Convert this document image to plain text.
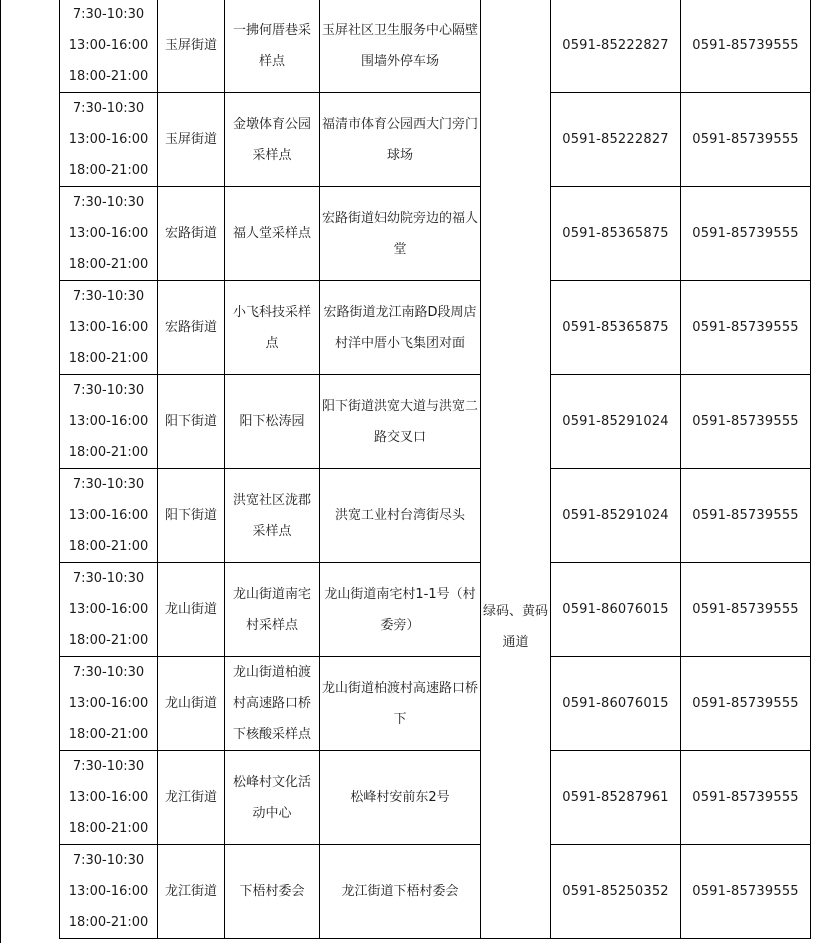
7:30-10:30
13:00-16:00
18:00-21:00	玉屏街道	一拂何厝巷采样点	玉屏社区卫生服务中心隔壁围墙外停车场	绿码、黄码通道	0591-85222827	0591-85739555

7:30-10:30
13:00-16:00
18:00-21:00	玉屏街道	金墩体育公园采样点	福清市体育公园西大门旁门球场		0591-85222827	0591-85739555

7:30-10:30
13:00-16:00
18:00-21:00	宏路街道	福人堂采样点	宏路街道妇幼院旁边的福人堂		0591-85365875	0591-85739555

7:30-10:30
13:00-16:00
18:00-21:00	宏路街道	小飞科技采样点	宏路街道龙江南路D段周店村洋中厝小飞集团对面		0591-85365875	0591-85739555

7:30-10:30
13:00-16:00
18:00-21:00	阳下街道	阳下松涛园	阳下街道洪宽大道与洪宽二路交叉口		0591-85291024	0591-85739555

7:30-10:30
13:00-16:00
18:00-21:00	阳下街道	洪宽社区泷郡采样点	洪宽工业村台湾街尽头		0591-85291024	0591-85739555

7:30-10:30
13:00-16:00
18:00-21:00	龙山街道	龙山街道南宅村采样点	龙山街道南宅村1-1号（村委旁）		0591-86076015	0591-85739555

7:30-10:30
13:00-16:00
18:00-21:00	龙山街道	龙山街道柏渡村高速路口桥下核酸采样点	龙山街道柏渡村高速路口桥下		0591-86076015	0591-85739555

7:30-10:30
13:00-16:00
18:00-21:00	龙江街道	松峰村文化活动中心	松峰村安前东2号		0591-85287961	0591-85739555

7:30-10:30
13:00-16:00
18:00-21:00	龙江街道	下梧村委会	龙江街道下梧村委会		0591-85250352	0591-85739555
